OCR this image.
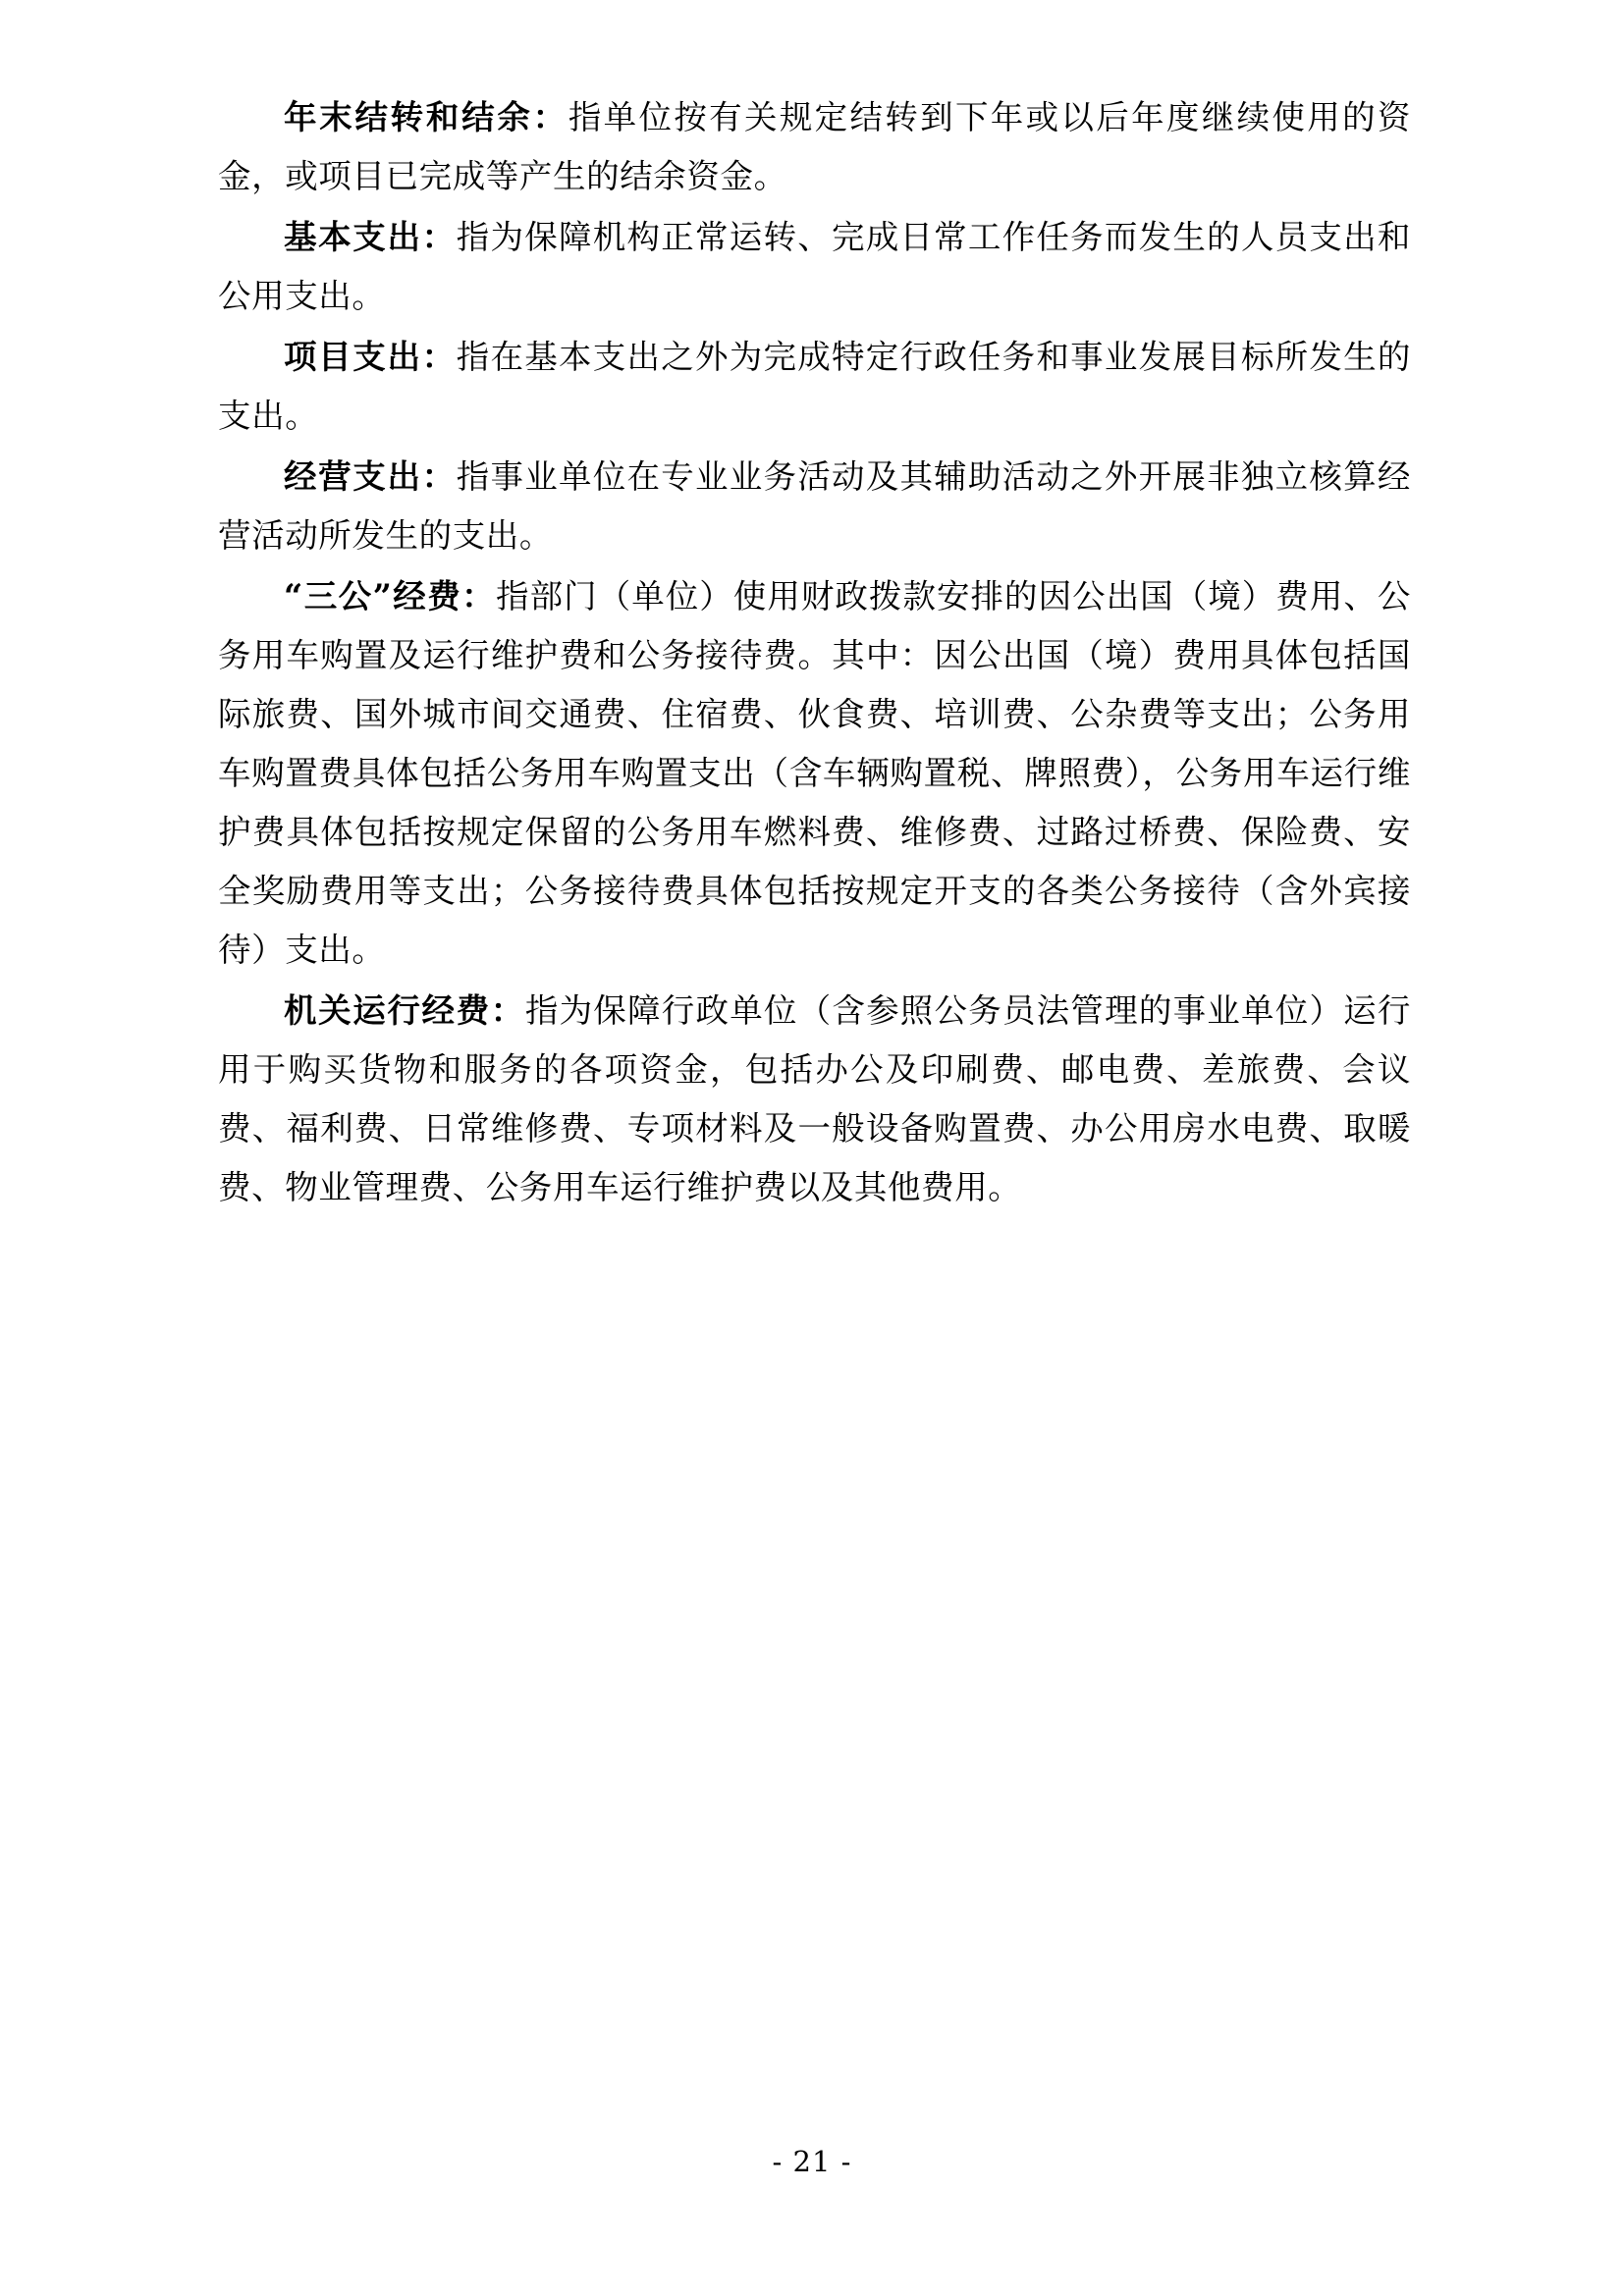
年末结转和结余：指单位按有关规定结转到下年或以后年度继续使用的资金，或项目已完成等产生的结余资金。

基本支出：指为保障机构正常运转、完成日常工作任务而发生的人员支出和公用支出。

项目支出：指在基本支出之外为完成特定行政任务和事业发展目标所发生的支出。

经营支出：指事业单位在专业业务活动及其辅助活动之外开展非独立核算经营活动所发生的支出。

“三公”经费：指部门（单位）使用财政拨款安排的因公出国（境）费用、公务用车购置及运行维护费和公务接待费。其中：因公出国（境）费用具体包括国际旅费、国外城市间交通费、住宿费、伙食费、培训费、公杂费等支出；公务用车购置费具体包括公务用车购置支出（含车辆购置税、牌照费），公务用车运行维护费具体包括按规定保留的公务用车燃料费、维修费、过路过桥费、保险费、安全奖励费用等支出；公务接待费具体包括按规定开支的各类公务接待（含外宾接待）支出。

机关运行经费：指为保障行政单位（含参照公务员法管理的事业单位）运行用于购买货物和服务的各项资金，包括办公及印刷费、邮电费、差旅费、会议费、福利费、日常维修费、专项材料及一般设备购置费、办公用房水电费、取暖费、物业管理费、公务用车运行维护费以及其他费用。

- 21 -
